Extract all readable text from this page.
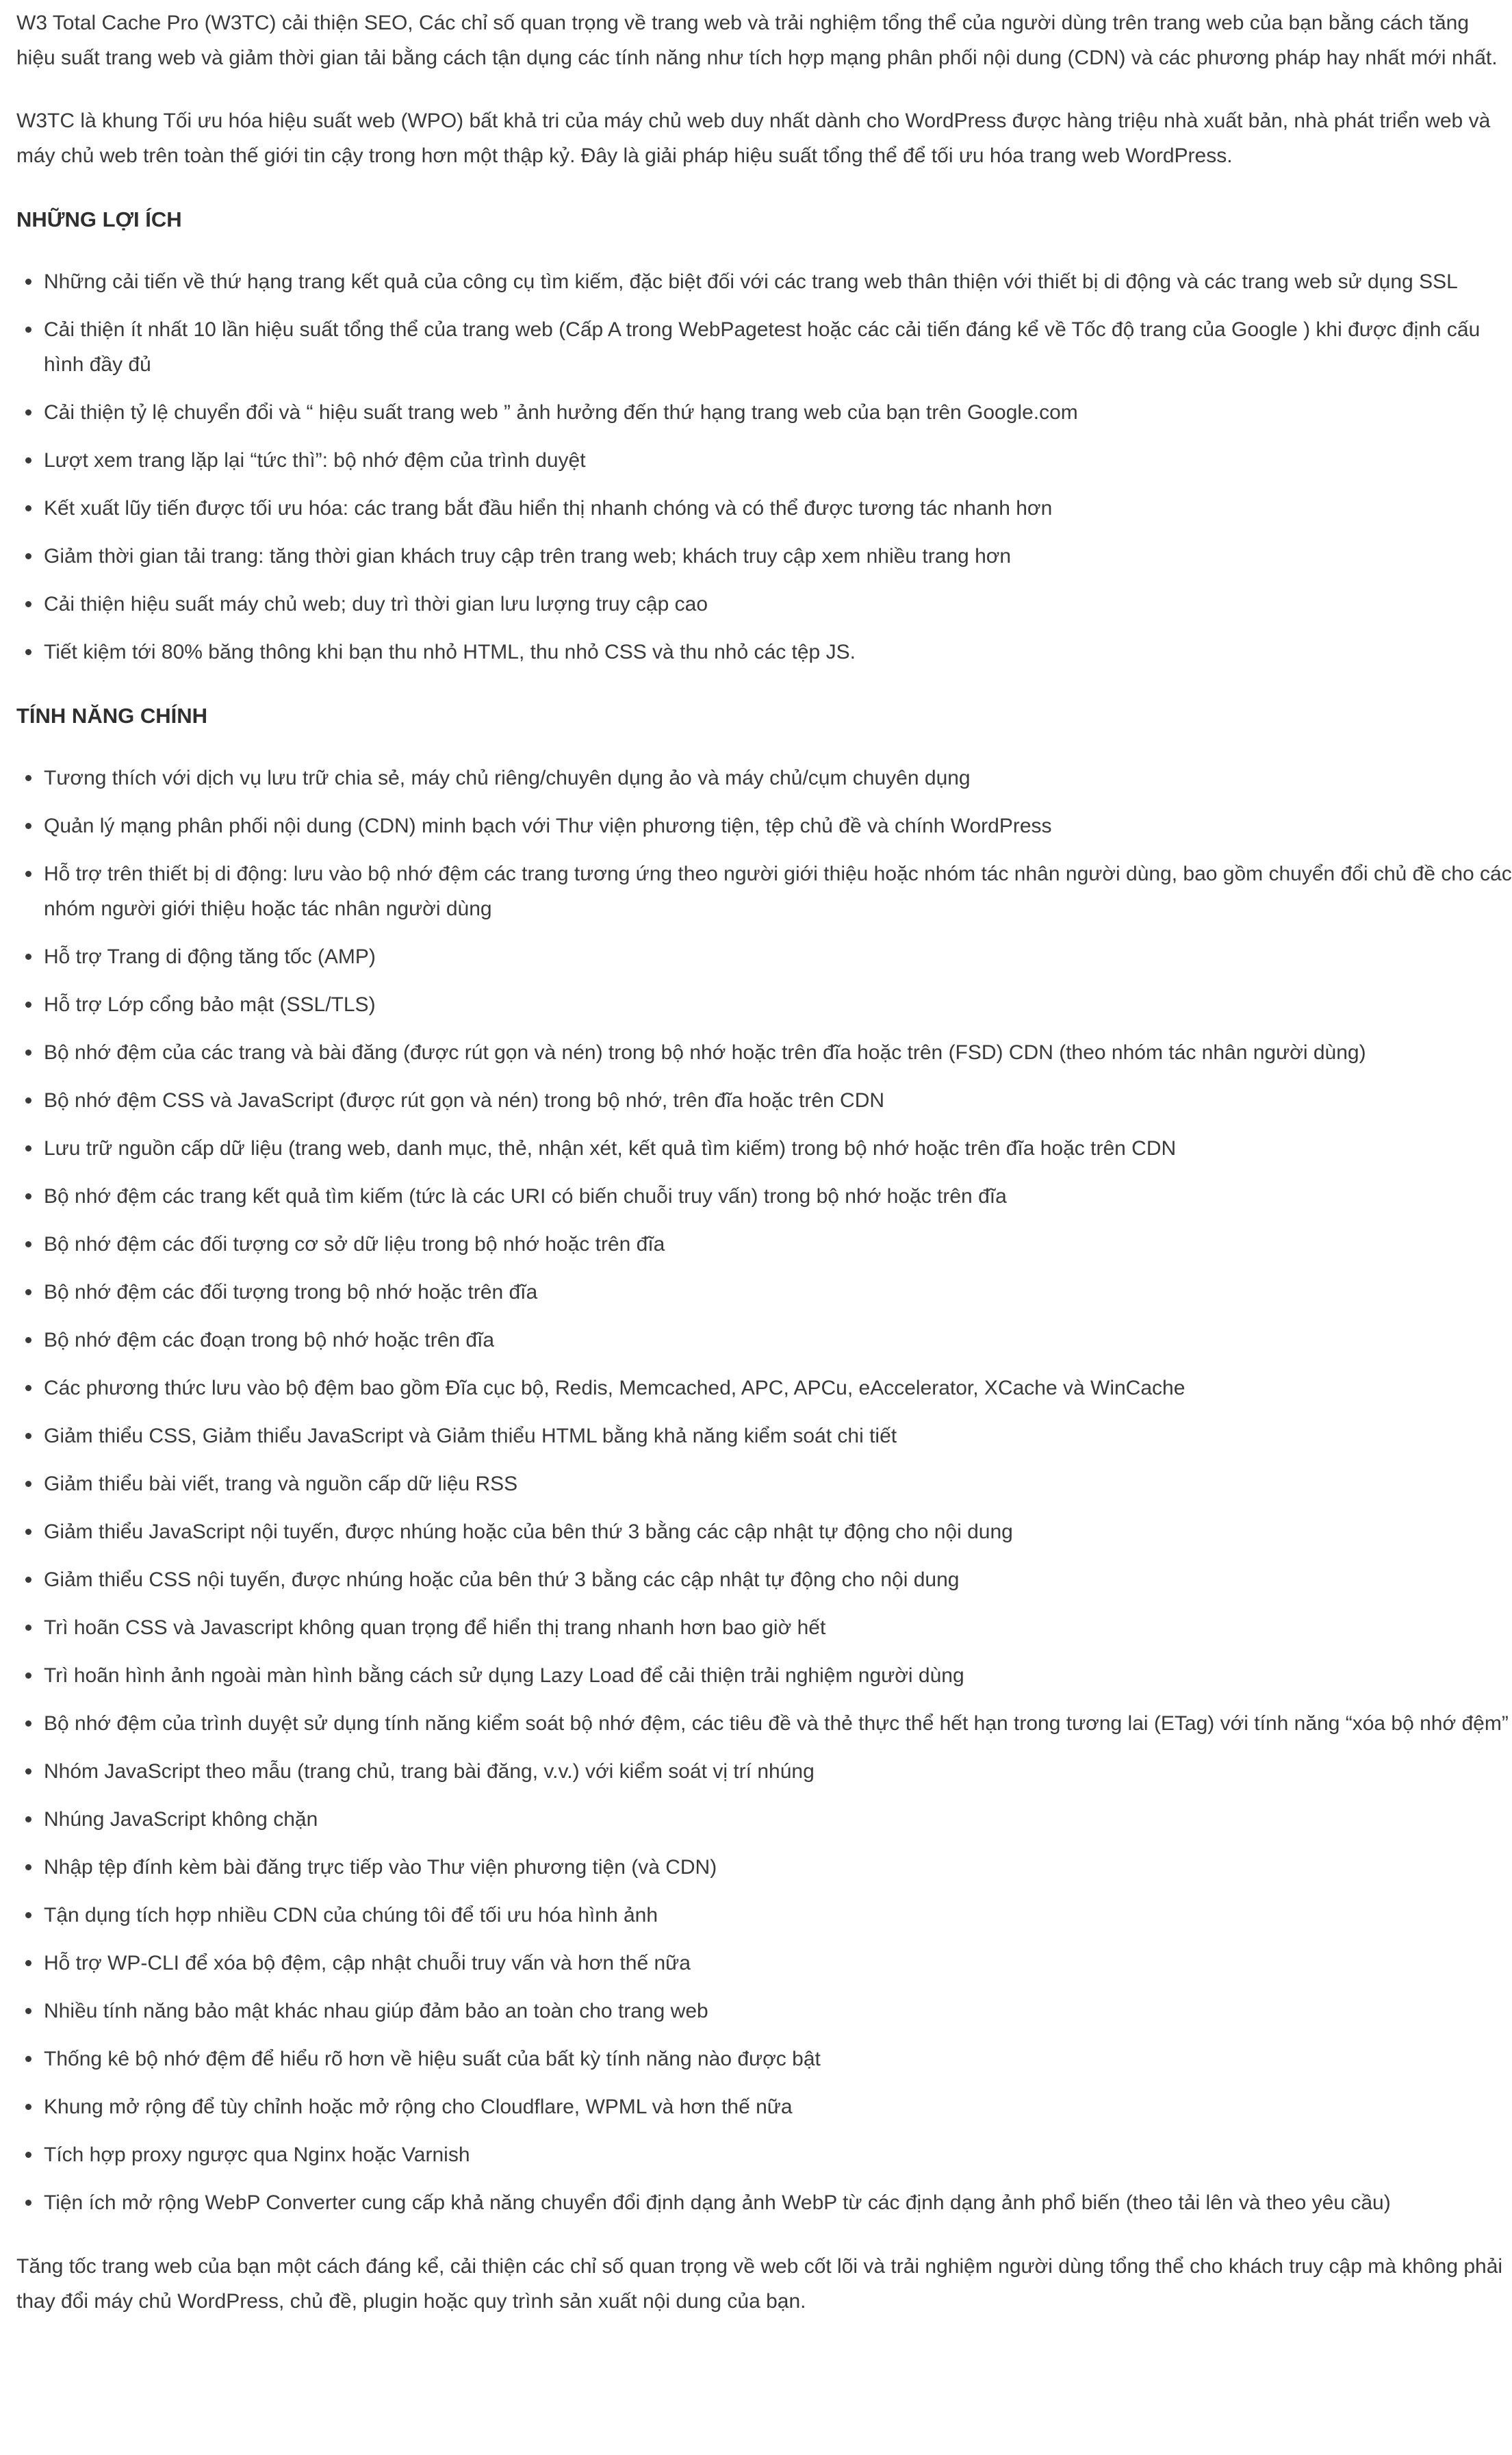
W3 Total Cache Pro (W3TC) cải thiện SEO, Các chỉ số quan trọng về trang web và trải nghiệm tổng thể của người dùng trên trang web của bạn bằng cách tăng hiệu suất trang web và giảm thời gian tải bằng cách tận dụng các tính năng như tích hợp mạng phân phối nội dung (CDN) và các phương pháp hay nhất mới nhất.

W3TC là khung Tối ưu hóa hiệu suất web (WPO) bất khả tri của máy chủ web duy nhất dành cho WordPress được hàng triệu nhà xuất bản, nhà phát triển web và máy chủ web trên toàn thế giới tin cậy trong hơn một thập kỷ. Đây là giải pháp hiệu suất tổng thể để tối ưu hóa trang web WordPress.

NHỮNG LỢI ÍCH
Những cải tiến về thứ hạng trang kết quả của công cụ tìm kiếm, đặc biệt đối với các trang web thân thiện với thiết bị di động và các trang web sử dụng SSL
Cải thiện ít nhất 10 lần hiệu suất tổng thể của trang web (Cấp A trong WebPagetest hoặc các cải tiến đáng kể về Tốc độ trang của Google ) khi được định cấu hình đầy đủ
Cải thiện tỷ lệ chuyển đổi và “ hiệu suất trang web ” ảnh hưởng đến thứ hạng trang web của bạn trên Google.com
Lượt xem trang lặp lại “tức thì”: bộ nhớ đệm của trình duyệt
Kết xuất lũy tiến được tối ưu hóa: các trang bắt đầu hiển thị nhanh chóng và có thể được tương tác nhanh hơn
Giảm thời gian tải trang: tăng thời gian khách truy cập trên trang web; khách truy cập xem nhiều trang hơn
Cải thiện hiệu suất máy chủ web; duy trì thời gian lưu lượng truy cập cao
Tiết kiệm tới 80% băng thông khi bạn thu nhỏ HTML, thu nhỏ CSS và thu nhỏ các tệp JS.
TÍNH NĂNG CHÍNH
Tương thích với dịch vụ lưu trữ chia sẻ, máy chủ riêng/chuyên dụng ảo và máy chủ/cụm chuyên dụng
Quản lý mạng phân phối nội dung (CDN) minh bạch với Thư viện phương tiện, tệp chủ đề và chính WordPress
Hỗ trợ trên thiết bị di động: lưu vào bộ nhớ đệm các trang tương ứng theo người giới thiệu hoặc nhóm tác nhân người dùng, bao gồm chuyển đổi chủ đề cho các nhóm người giới thiệu hoặc tác nhân người dùng
Hỗ trợ Trang di động tăng tốc (AMP)
Hỗ trợ Lớp cổng bảo mật (SSL/TLS)
Bộ nhớ đệm của các trang và bài đăng (được rút gọn và nén) trong bộ nhớ hoặc trên đĩa hoặc trên (FSD) CDN (theo nhóm tác nhân người dùng)
Bộ nhớ đệm CSS và JavaScript (được rút gọn và nén) trong bộ nhớ, trên đĩa hoặc trên CDN
Lưu trữ nguồn cấp dữ liệu (trang web, danh mục, thẻ, nhận xét, kết quả tìm kiếm) trong bộ nhớ hoặc trên đĩa hoặc trên CDN
Bộ nhớ đệm các trang kết quả tìm kiếm (tức là các URI có biến chuỗi truy vấn) trong bộ nhớ hoặc trên đĩa
Bộ nhớ đệm các đối tượng cơ sở dữ liệu trong bộ nhớ hoặc trên đĩa
Bộ nhớ đệm các đối tượng trong bộ nhớ hoặc trên đĩa
Bộ nhớ đệm các đoạn trong bộ nhớ hoặc trên đĩa
Các phương thức lưu vào bộ đệm bao gồm Đĩa cục bộ, Redis, Memcached, APC, APCu, eAccelerator, XCache và WinCache
Giảm thiểu CSS, Giảm thiểu JavaScript và Giảm thiểu HTML bằng khả năng kiểm soát chi tiết
Giảm thiểu bài viết, trang và nguồn cấp dữ liệu RSS
Giảm thiểu JavaScript nội tuyến, được nhúng hoặc của bên thứ 3 bằng các cập nhật tự động cho nội dung
Giảm thiểu CSS nội tuyến, được nhúng hoặc của bên thứ 3 bằng các cập nhật tự động cho nội dung
Trì hoãn CSS và Javascript không quan trọng để hiển thị trang nhanh hơn bao giờ hết
Trì hoãn hình ảnh ngoài màn hình bằng cách sử dụng Lazy Load để cải thiện trải nghiệm người dùng
Bộ nhớ đệm của trình duyệt sử dụng tính năng kiểm soát bộ nhớ đệm, các tiêu đề và thẻ thực thể hết hạn trong tương lai (ETag) với tính năng “xóa bộ nhớ đệm”
Nhóm JavaScript theo mẫu (trang chủ, trang bài đăng, v.v.) với kiểm soát vị trí nhúng
Nhúng JavaScript không chặn
Nhập tệp đính kèm bài đăng trực tiếp vào Thư viện phương tiện (và CDN)
Tận dụng tích hợp nhiều CDN của chúng tôi để tối ưu hóa hình ảnh
Hỗ trợ WP-CLI để xóa bộ đệm, cập nhật chuỗi truy vấn và hơn thế nữa
Nhiều tính năng bảo mật khác nhau giúp đảm bảo an toàn cho trang web
Thống kê bộ nhớ đệm để hiểu rõ hơn về hiệu suất của bất kỳ tính năng nào được bật
Khung mở rộng để tùy chỉnh hoặc mở rộng cho Cloudflare, WPML và hơn thế nữa
Tích hợp proxy ngược qua Nginx hoặc Varnish
Tiện ích mở rộng WebP Converter cung cấp khả năng chuyển đổi định dạng ảnh WebP từ các định dạng ảnh phổ biến (theo tải lên và theo yêu cầu)

Tăng tốc trang web của bạn một cách đáng kể, cải thiện các chỉ số quan trọng về web cốt lõi và trải nghiệm người dùng tổng thể cho khách truy cập mà không phải thay đổi máy chủ WordPress, chủ đề, plugin hoặc quy trình sản xuất nội dung của bạn.
